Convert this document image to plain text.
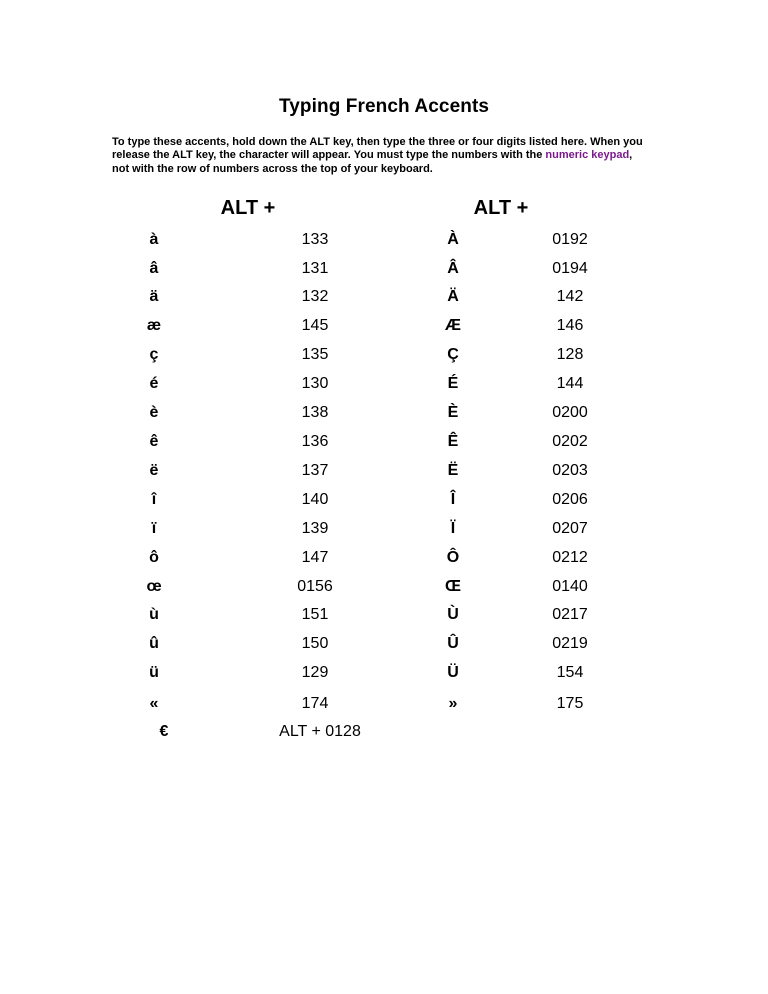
Typing French Accents
To type these accents, hold down the ALT key, then type the three or four digits listed here. When you release the ALT key, the character will appear. You must type the numbers with the numeric keypad, not with the row of numbers across the top of your keyboard.
ALT +	ALT +
à	133	À	0192
â	131	Â	0194
ä	132	Ä	142
æ	145	Æ	146
ç	135	Ç	128
é	130	É	144
è	138	È	0200
ê	136	Ê	0202
ë	137	Ë	0203
î	140	Î	0206
ï	139	Ï	0207
ô	147	Ô	0212
œ	0156	Œ	0140
ù	151	Ù	0217
û	150	Û	0219
ü	129	Ü	154
«	174	»	175
€	ALT + 0128
